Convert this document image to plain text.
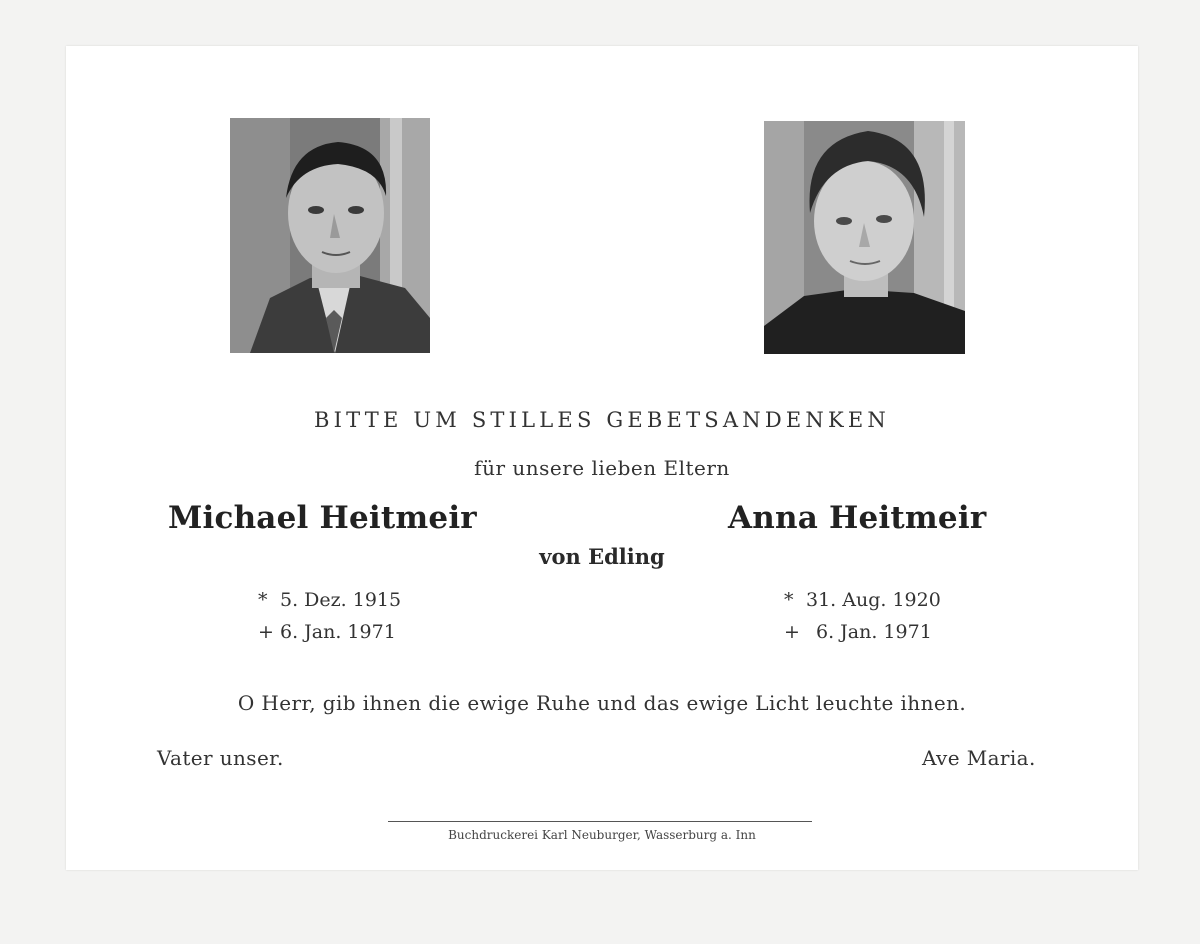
BITTE UM STILLES GEBETSANDENKEN
für unsere lieben Eltern
Michael Heitmeir	Anna Heitmeir
von Edling
* 5. Dez. 1915
+ 6. Jan. 1971
* 31. Aug. 1920
+ 6. Jan. 1971
O Herr, gib ihnen die ewige Ruhe und das ewige Licht leuchte ihnen.
Vater unser.	Ave Maria.
Buchdruckerei Karl Neuburger, Wasserburg a. Inn
